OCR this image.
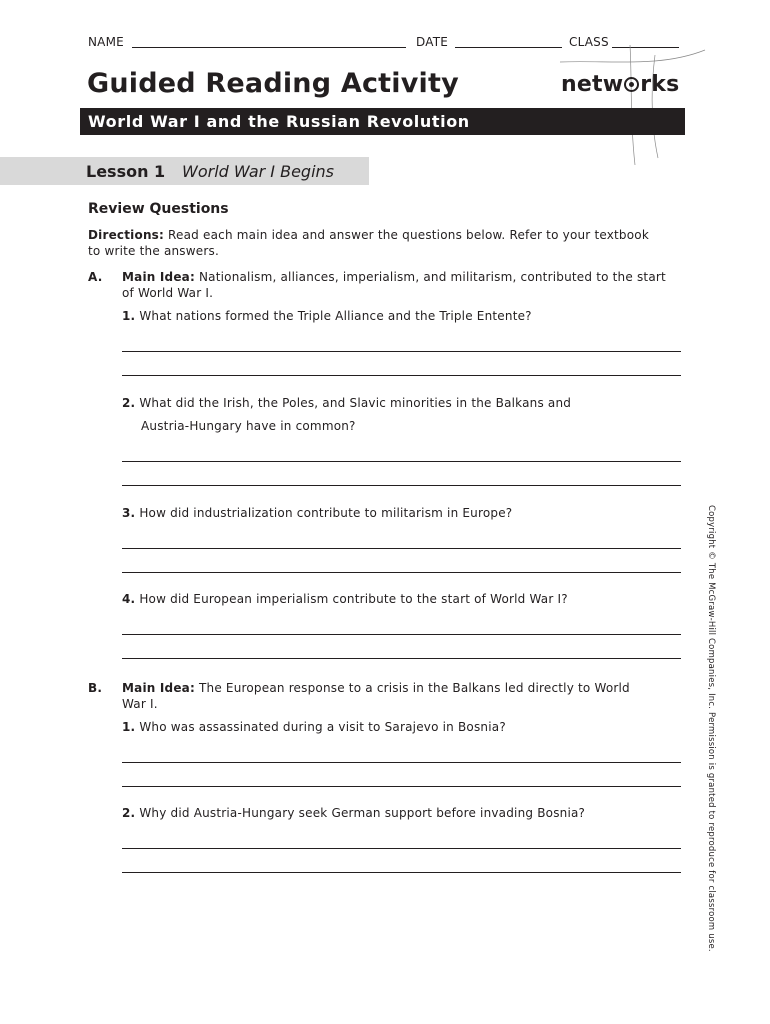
NAME	DATE	CLASS
Guided Reading Activity	netw rks
World War I and the Russian Revolution
Lesson 1 World War I Begins
Review Questions
Directions: Read each main idea and answer the questions below. Refer to your textbook
to write the answers.
A. Main Idea: Nationalism, alliances, imperialism, and militarism, contributed to the start
of World War I.
1. What nations formed the Triple Alliance and the Triple Entente?
2. What did the Irish, the Poles, and Slavic minorities in the Balkans and
Austria-Hungary have in common?
3. How did industrialization contribute to militarism in Europe?
4. How did European imperialism contribute to the start of World War I?
B. Main Idea: The European response to a crisis in the Balkans led directly to World
War I.
1. Who was assassinated during a visit to Sarajevo in Bosnia?
2. Why did Austria-Hungary seek German support before invading Bosnia?	Copyright © The McGraw-Hill Companies, Inc. Permission is granted to reproduce for classroom use.
